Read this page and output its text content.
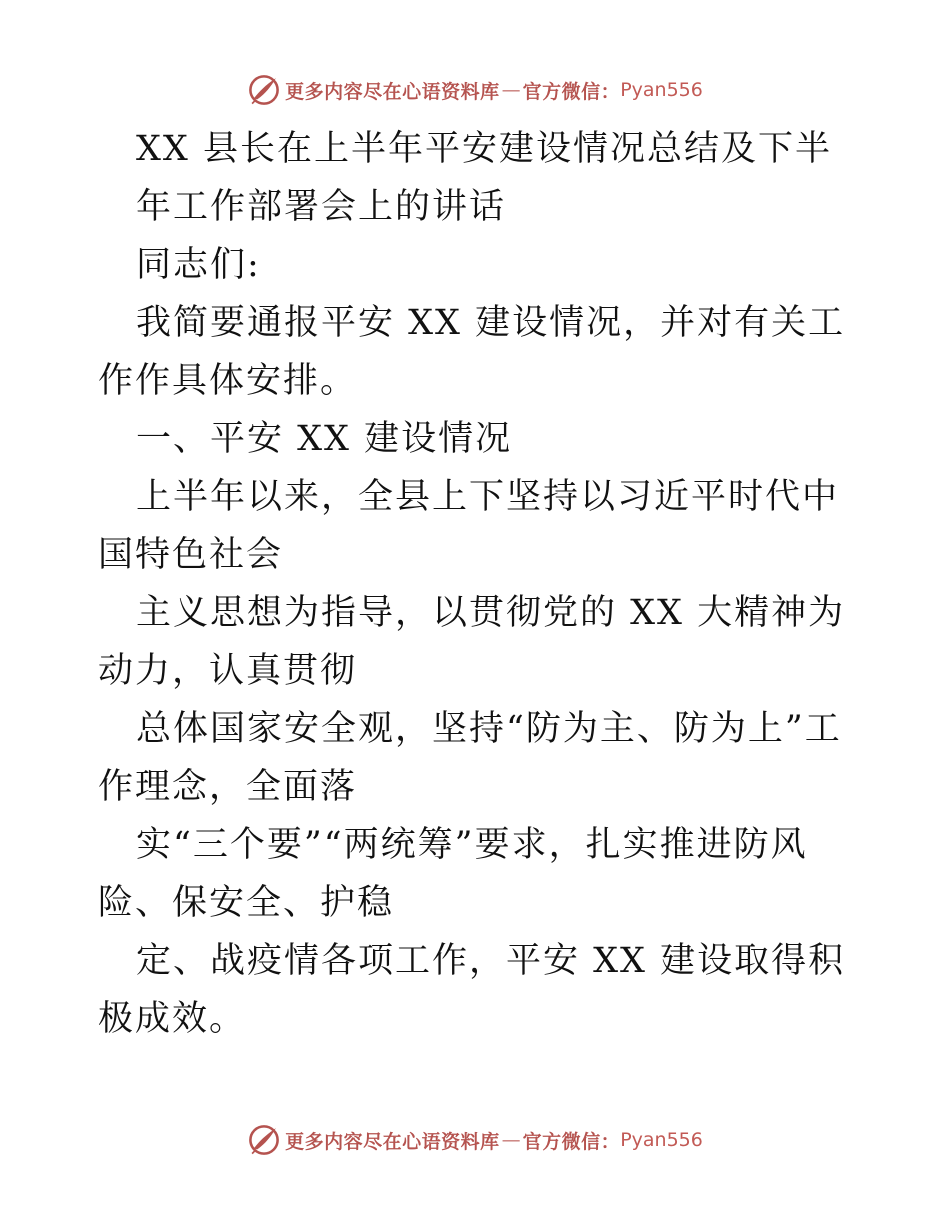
更多内容尽在心语资料库 — 官方微信： Pyan556

XX 县长在上半年平安建设情况总结及下半

年工作部署会上的讲话

同志们:

我简要通报平安 XX 建设情况，并对有关工作作具体安排。

一、平安 XX 建设情况

上半年以来，全县上下坚持以习近平时代中国特色社会

主义思想为指导，以贯彻党的 XX 大精神为动力，认真贯彻

总体国家安全观，坚持“防为主、防为上”工作理念，全面落

实“三个要”“两统筹”要求，扎实推进防风险、保安全、护稳

定、战疫情各项工作，平安 XX 建设取得积极成效。

更多内容尽在心语资料库 — 官方微信： Pyan556
